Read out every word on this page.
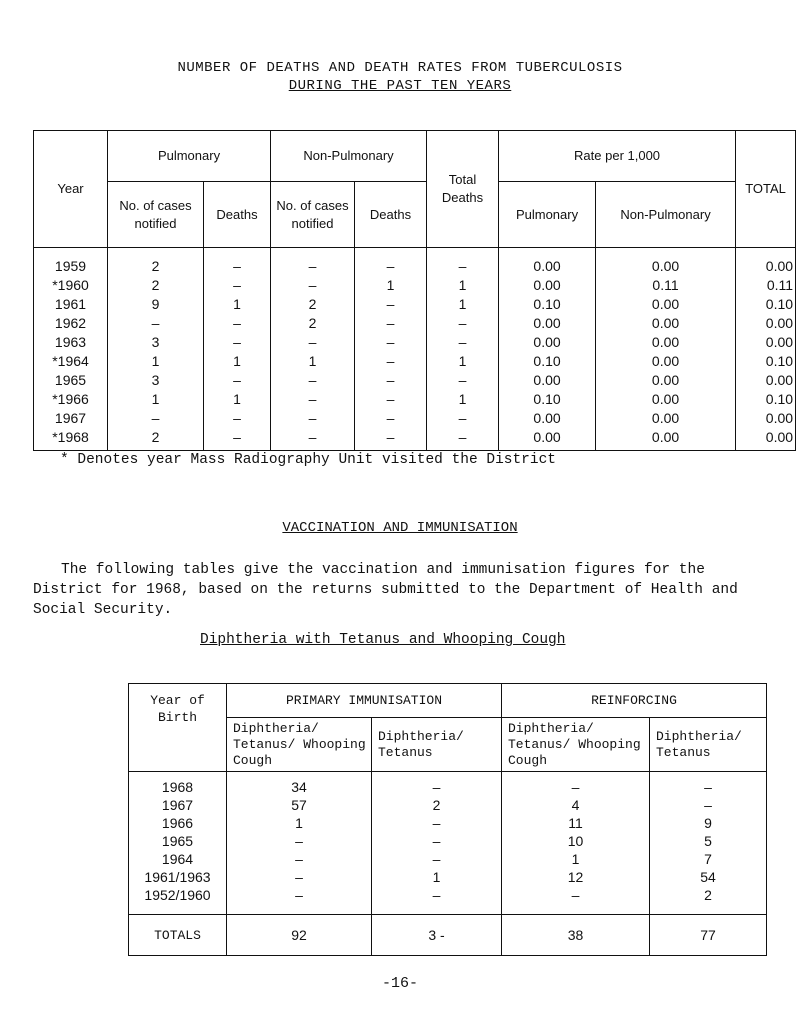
NUMBER OF DEATHS AND DEATH RATES FROM TUBERCULOSIS
DURING THE PAST TEN YEARS
Year	Pulmonary		Non-Pulmonary		Total Deaths	Rate per 1,000		TOTAL
	No. of cases notified	Deaths	No. of cases notified	Deaths		Pulmonary	Non-Pulmonary	
1959	2	–	–	–	–	0.00	0.00	0.00
*1960	2	–	–	1	1	0.00	0.11	0.11
1961	9	1	2	–	1	0.10	0.00	0.10
1962	–	–	2	–	–	0.00	0.00	0.00
1963	3	–	–	–	–	0.00	0.00	0.00
*1964	1	1	1	–	1	0.10	0.00	0.10
1965	3	–	–	–	–	0.00	0.00	0.00
*1966	1	1	–	–	1	0.10	0.00	0.10
1967	–	–	–	–	–	0.00	0.00	0.00
*1968	2	–	–	–	–	0.00	0.00	0.00
* Denotes year Mass Radiography Unit visited the District
VACCINATION AND IMMUNISATION
The following tables give the vaccination and immunisation figures for the
District for 1968, based on the returns submitted to the Department of Health and
Social Security.
Diphtheria with Tetanus and Whooping Cough
Year of Birth	PRIMARY IMMUNISATION		REINFORCING	
	Diphtheria/ Tetanus/ Whooping Cough	Diphtheria/ Tetanus	Diphtheria/ Tetanus/ Whooping Cough	Diphtheria/ Tetanus
1968	34	–	–	–
1967	57	2	4	–
1966	1	–	11	9
1965	–	–	10	5
1964	–	–	1	7
1961/1963	–	1	12	54
1952/1960	–	–	–	2
TOTALS	92	3 -	38	77
-16-
